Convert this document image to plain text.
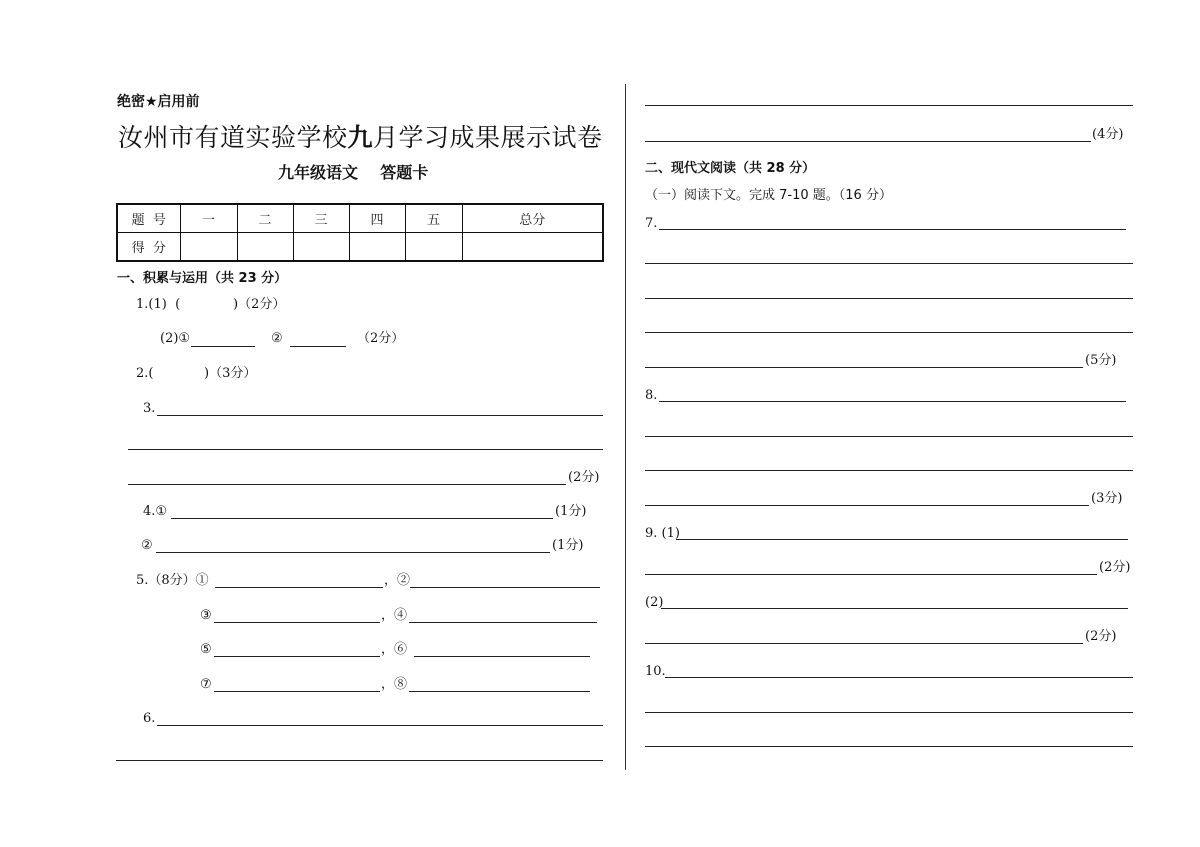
绝密★启用前
汝州市有道实验学校九月学习成果展示试卷
九年级语文    答题卡
题  号	一	二	三	四	五	总分
得  分						
一、积累与运用（共 23 分）
1.(1)  (	)（2分）
(2)①	②	（2分）
2.(	)（3分）
3.
(2分)
4.①	(1分)
②	(1分)
5.（8分）①	，②
③	，④
⑤	，⑥
⑦	，⑧
6.
(4分)
二、现代文阅读（共 28 分）
（一）阅读下文。完成 7-10 题。（16 分）
7.
(5分)
8.
(3分)
9. (1)
(2分)
(2)
(2分)
10.
